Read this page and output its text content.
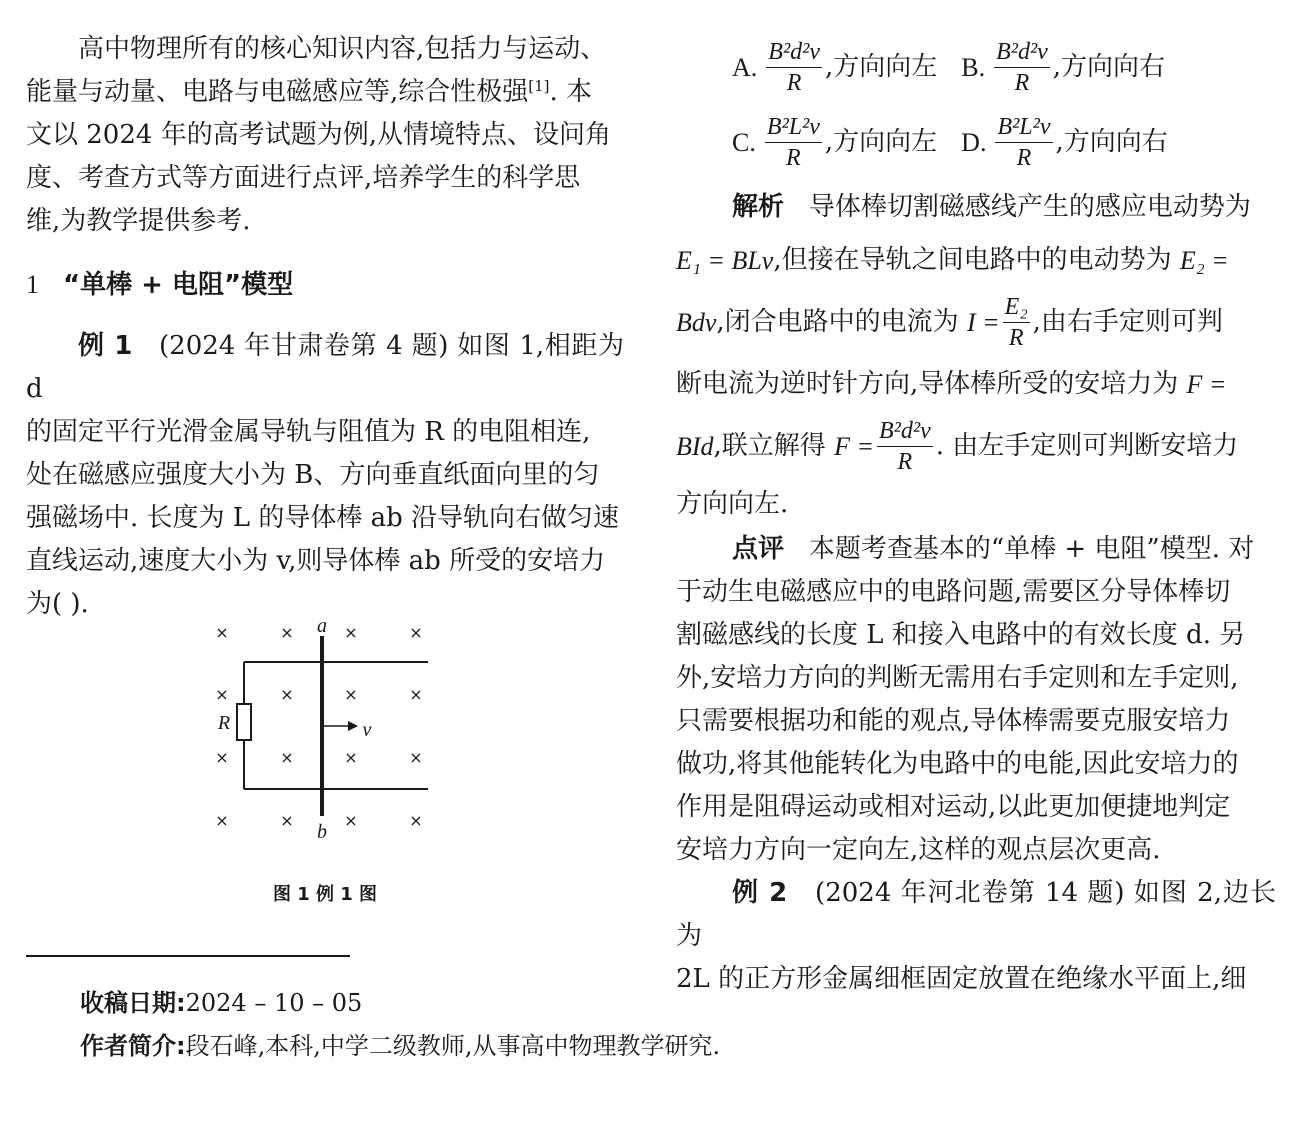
高中物理所有的核心知识内容,包括力与运动、

能量与动量、电路与电磁感应等,综合性极强[1]. 本

文以 2024 年的高考试题为例,从情境特点、设问角

度、考查方式等方面进行点评,培养学生的科学思

维,为教学提供参考.

1 “单棒 + 电阻”模型

例 1 (2024 年甘肃卷第 4 题) 如图 1,相距为 d

的固定平行光滑金属导轨与阻值为 R 的电阻相连,

处在磁感应强度大小为 B、方向垂直纸面向里的匀

强磁场中. 长度为 L 的导体棒 ab 沿导轨向右做匀速

直线运动,速度大小为 v,则导体棒 ab 所受的安培力

为( ).

×	×	×	×
×	×	×	×
×	×	×	×
×	×	×	×
R
a
b
v
图 1 例 1 图
收稿日期:2024 – 10 – 05
作者简介:段石峰,本科,中学二级教师,从事高中物理教学研究.
A. $\frac{\text{B²d²v}}{R}$ ,方向向左 B. $\frac{\text{B²d²v}}{R}$ ,方向向右
C. $\frac{\text{B²L²v}}{R}$ ,方向向左 D. $\frac{\text{B²L²v}}{R}$ ,方向向右

解析 导体棒切割磁感线产生的感应电动势为

E₁ = BLv ,但接在导轨之间电路中的电动势为
E₂ =

Bdv ,闭合电路中的电流为
$I = \frac{\text{E₂}}{R}$ ,由右手定则可判

断电流为逆时针方向,导体棒所受的安培力为
F =

BId ,联立解得
$F = \frac{\text{B²d²v}}{R}$ . 由左手定则可判断安培力

方向向左.

点评 本题考查基本的“单棒 + 电阻”模型. 对

于动生电磁感应中的电路问题,需要区分导体棒切

割磁感线的长度 L 和接入电路中的有效长度 d. 另

外,安培力方向的判断无需用右手定则和左手定则,

只需要根据功和能的观点,导体棒需要克服安培力

做功,将其他能转化为电路中的电能,因此安培力的

作用是阻碍运动或相对运动,以此更加便捷地判定

安培力方向一定向左,这样的观点层次更高.

例 2 (2024 年河北卷第 14 题) 如图 2,边长为

2L 的正方形金属细框固定放置在绝缘水平面上,细
